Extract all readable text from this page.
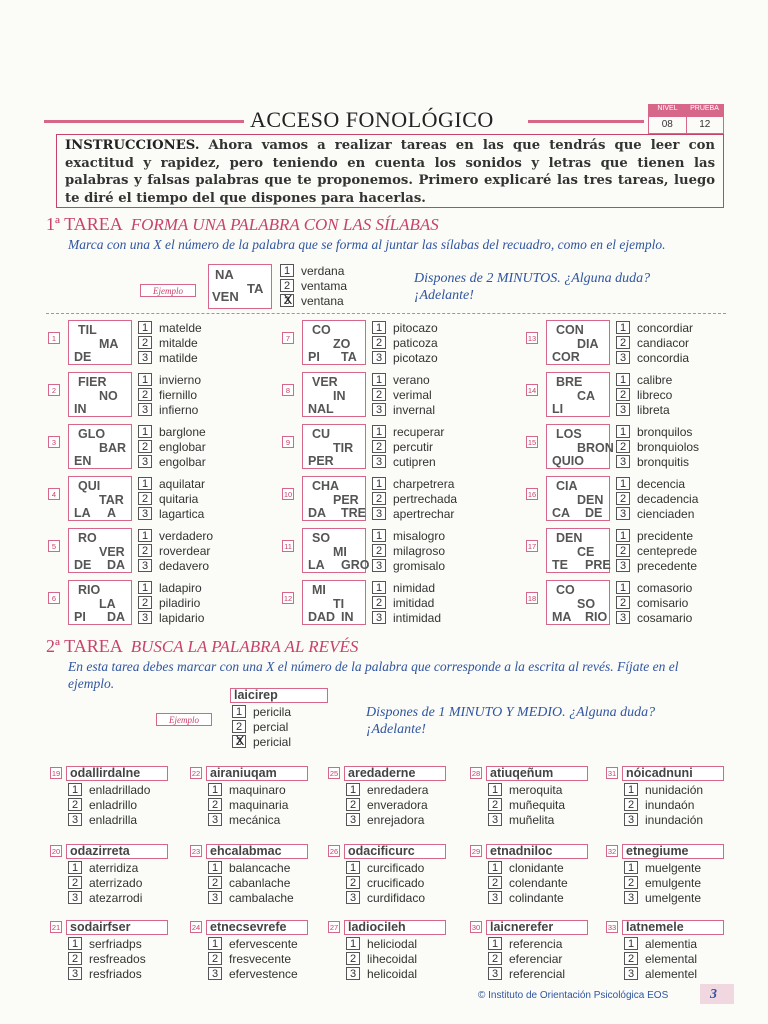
ACCESO FONOLÓGICO	NIVEL	PRUEBA
08	12
INSTRUCCIONES. Ahora vamos a realizar tareas en las que tendrás que leer con exactitud y rapidez, pero teniendo en cuenta los sonidos y letras que tienen las palabras y falsas palabras que te proponemos. Primero explicaré las tres tareas, luego te diré el tiempo del que dispones para hacerlas.
1ª TAREA FORMA UNA PALABRA CON LAS SÍLABAS
Marca con una X el número de la palabra que se forma al juntar las sílabas del recuadro, como en el ejemplo.
Ejemplo
NA
TA
VEN
1 verdana
2 ventama
3 X ventana
Dispones de 2 MINUTOS. ¿Alguna duda?
¡Adelante!
1
TIL
MA
DE
1 matelde
2 mitalde
3 matilde
7
CO
ZO
PI TA
1 pitocazo
2 paticoza
3 picotazo
13
CON
DIA
COR
1 concordiar
2 candiacor
3 concordia
2
FIER
NO
IN
1 invierno
2 fiernillo
3 infierno
8
VER
IN
NAL
1 verano
2 verimal
3 invernal
14
BRE
CA
LI
1 calibre
2 libreco
3 libreta
3
GLO
BAR
EN
1 barglone
2 englobar
3 engolbar
9
CU
TIR
PER
1 recuperar
2 percutir
3 cutipren
15
LOS
BRON
QUIO
1 bronquilos
2 bronquiolos
3 bronquitis
4
QUI
TAR
LA A
1 aquilatar
2 quitaria
3 lagartica
10
CHA
PER
DA TRE
1 charpetrera
2 pertrechada
3 apertrechar
16
CIA
DEN
CA DE
1 decencia
2 decadencia
3 cienciaden
5
RO
VER
DE DA
1 verdadero
2 roverdear
3 dedavero
11
SO
MI
LA GRO
1 misalogro
2 milagroso
3 gromisalo
17
DEN
CE
TE PRE
1 precidente
2 centeprede
3 precedente
6
RIO
LA
PI DA
1 ladapiro
2 piladirio
3 lapidario
12
MI
TI
DAD IN
1 nimidad
2 imitidad
3 intimidad
18
CO
SO
MA RIO
1 comasorio
2 comisario
3 cosamario
2ª TAREA BUSCA LA PALABRA AL REVÉS
En esta tarea debes marcar con una X el número de la palabra que corresponde a la escrita al revés. Fíjate en el ejemplo.
Ejemplo
laicirep
1 pericila
2 percial
3 X pericial
Dispones de 1 MINUTO Y MEDIO. ¿Alguna duda?
¡Adelante!
19 odallirdalne
1 enladrillado
2 enladrillo
3 enladrilla
22 airaniuqam
1 maquinaro
2 maquinaria
3 mecánica
25 aredaderne
1 enredadera
2 enveradora
3 enrejadora
28 atiuqeñum
1 meroquita
2 muñequita
3 muñelita
31 nóicadnuni
1 nunidación
2 inundaón
3 inundación
20 odazirreta
1 aterridiza
2 aterrizado
3 atezarrodi
23 ehcalabmac
1 balancache
2 cabanlache
3 cambalache
26 odacificurc
1 curcificado
2 crucificado
3 curdifidaco
29 etnadniloc
1 clonidante
2 colendante
3 colindante
32 etnegiume
1 muelgente
2 emulgente
3 umelgente
21 sodairfser
1 serfriadps
2 resfreados
3 resfriados
24 etnecsevrefe
1 efervescente
2 fresvecente
3 efervestence
27 ladiociIeh
1 heliciodal
2 lihecoidal
3 helicoidal
30 laicnerefer
1 referencia
2 eferenciar
3 referencial
33 latnemele
1 alementia
2 elemental
3 alementel
© Instituto de Orientación Psicológica EOS	3
